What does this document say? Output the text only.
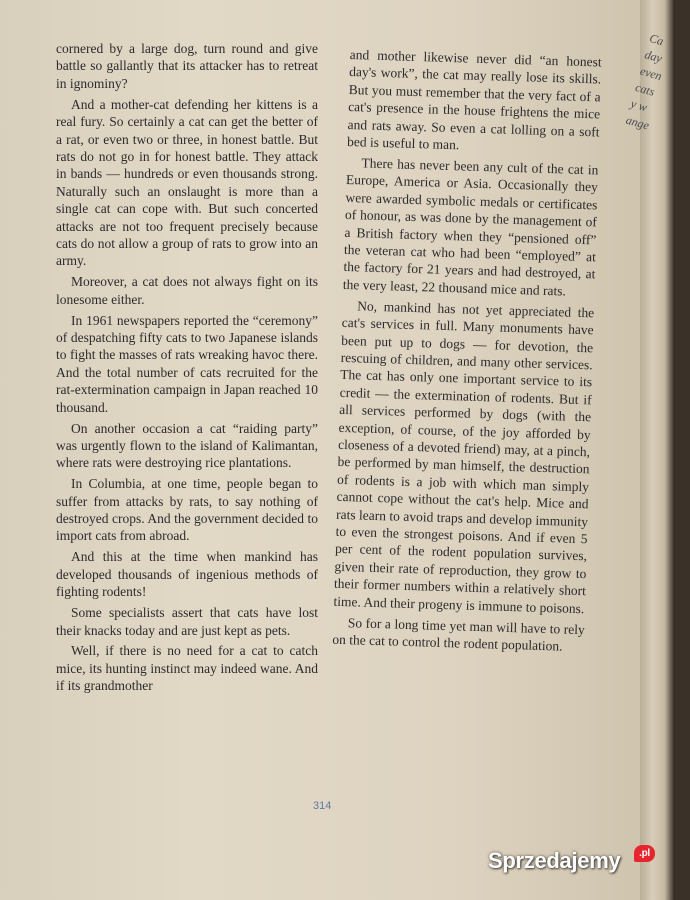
cornered by a large dog, turn round and give battle so gallantly that its attacker has to retreat in ignominy?

And a mother-cat defending her kittens is a real fury. So certainly a cat can get the better of a rat, or even two or three, in honest battle. But rats do not go in for honest battle. They attack in bands — hundreds or even thousands strong. Naturally such an onslaught is more than a single cat can cope with. But such concerted attacks are not too frequent precisely because cats do not allow a group of rats to grow into an army.

Moreover, a cat does not always fight on its lonesome either.

In 1961 newspapers reported the “ceremony” of despatching fifty cats to two Japanese islands to fight the masses of rats wreaking havoc there. And the total number of cats recruited for the rat-extermination campaign in Japan reached 10 thousand.

On another occasion a cat “raiding party” was urgently flown to the island of Kalimantan, where rats were destroying rice plantations.

In Columbia, at one time, people began to suffer from attacks by rats, to say nothing of destroyed crops. And the government decided to import cats from abroad.

And this at the time when mankind has developed thousands of ingenious methods of fighting rodents!

Some specialists assert that cats have lost their knacks today and are just kept as pets.

Well, if there is no need for a cat to catch mice, its hunting instinct may indeed wane. And if its grandmother

and mother likewise never did “an honest day's work”, the cat may really lose its skills. But you must remember that the very fact of a cat's presence in the house frightens the mice and rats away. So even a cat lolling on a soft bed is useful to man.

There has never been any cult of the cat in Europe, America or Asia. Occasionally they were awarded symbolic medals or certificates of honour, as was done by the management of a British factory when they “pensioned off” the veteran cat who had been “employed” at the factory for 21 years and had destroyed, at the very least, 22 thousand mice and rats.

No, mankind has not yet appreciated the cat's services in full. Many monuments have been put up to dogs — for devotion, the rescuing of children, and many other services. The cat has only one important service to its credit — the extermination of rodents. But if all services performed by dogs (with the exception, of course, of the joy afforded by closeness of a devoted friend) may, at a pinch, be performed by man himself, the destruction of rodents is a job with which man simply cannot cope without the cat's help. Mice and rats learn to avoid traps and develop immunity to even the strongest poisons. And if even 5 per cent of the rodent population survives, given their rate of reproduction, they grow to their former numbers within a relatively short time. And their progeny is immune to poisons.

So for a long time yet man will have to rely on the cat to control the rodent population.

314
Ca
day
even
cats
y w
ange
Sprzedajemy	.pl
